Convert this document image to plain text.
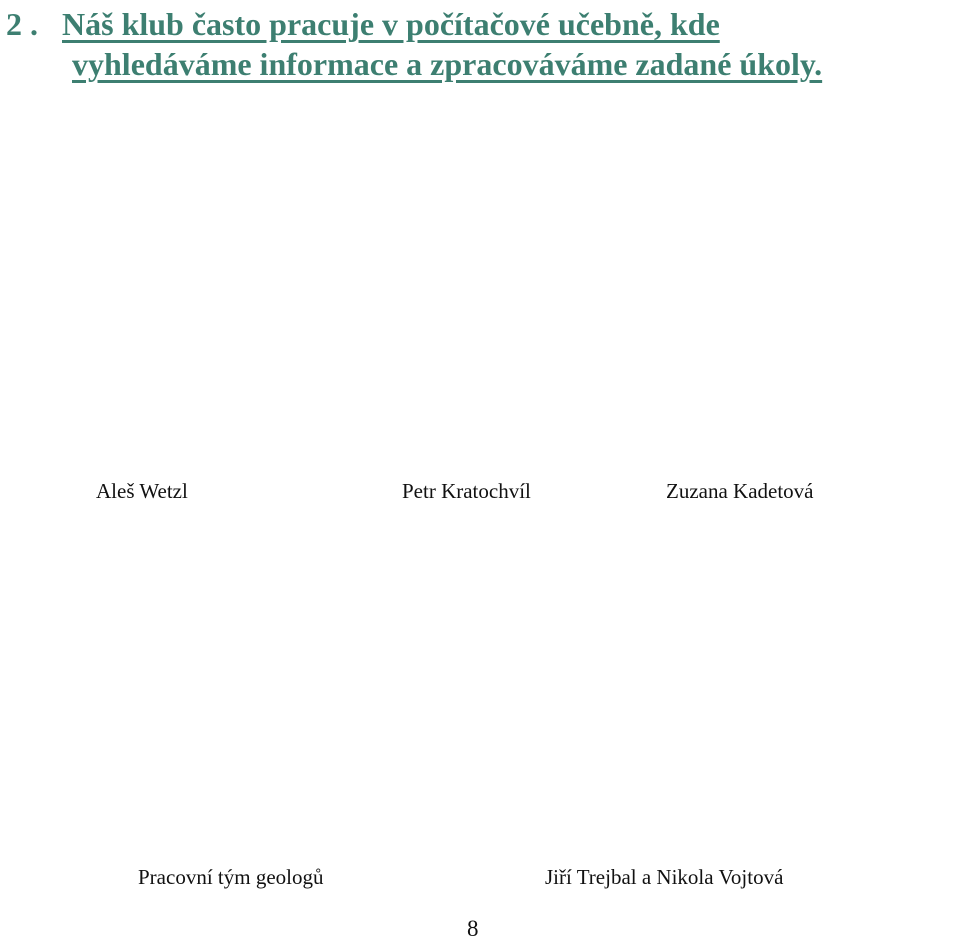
2 . Náš klub často pracuje v počítačové učebně, kde
vyhledáváme informace a zpracováváme zadané úkoly.
Aleš Wetzl	Petr Kratochvíl	Zuzana Kadetová
Pracovní tým geologů	Jiří Trejbal a Nikola Vojtová
8
